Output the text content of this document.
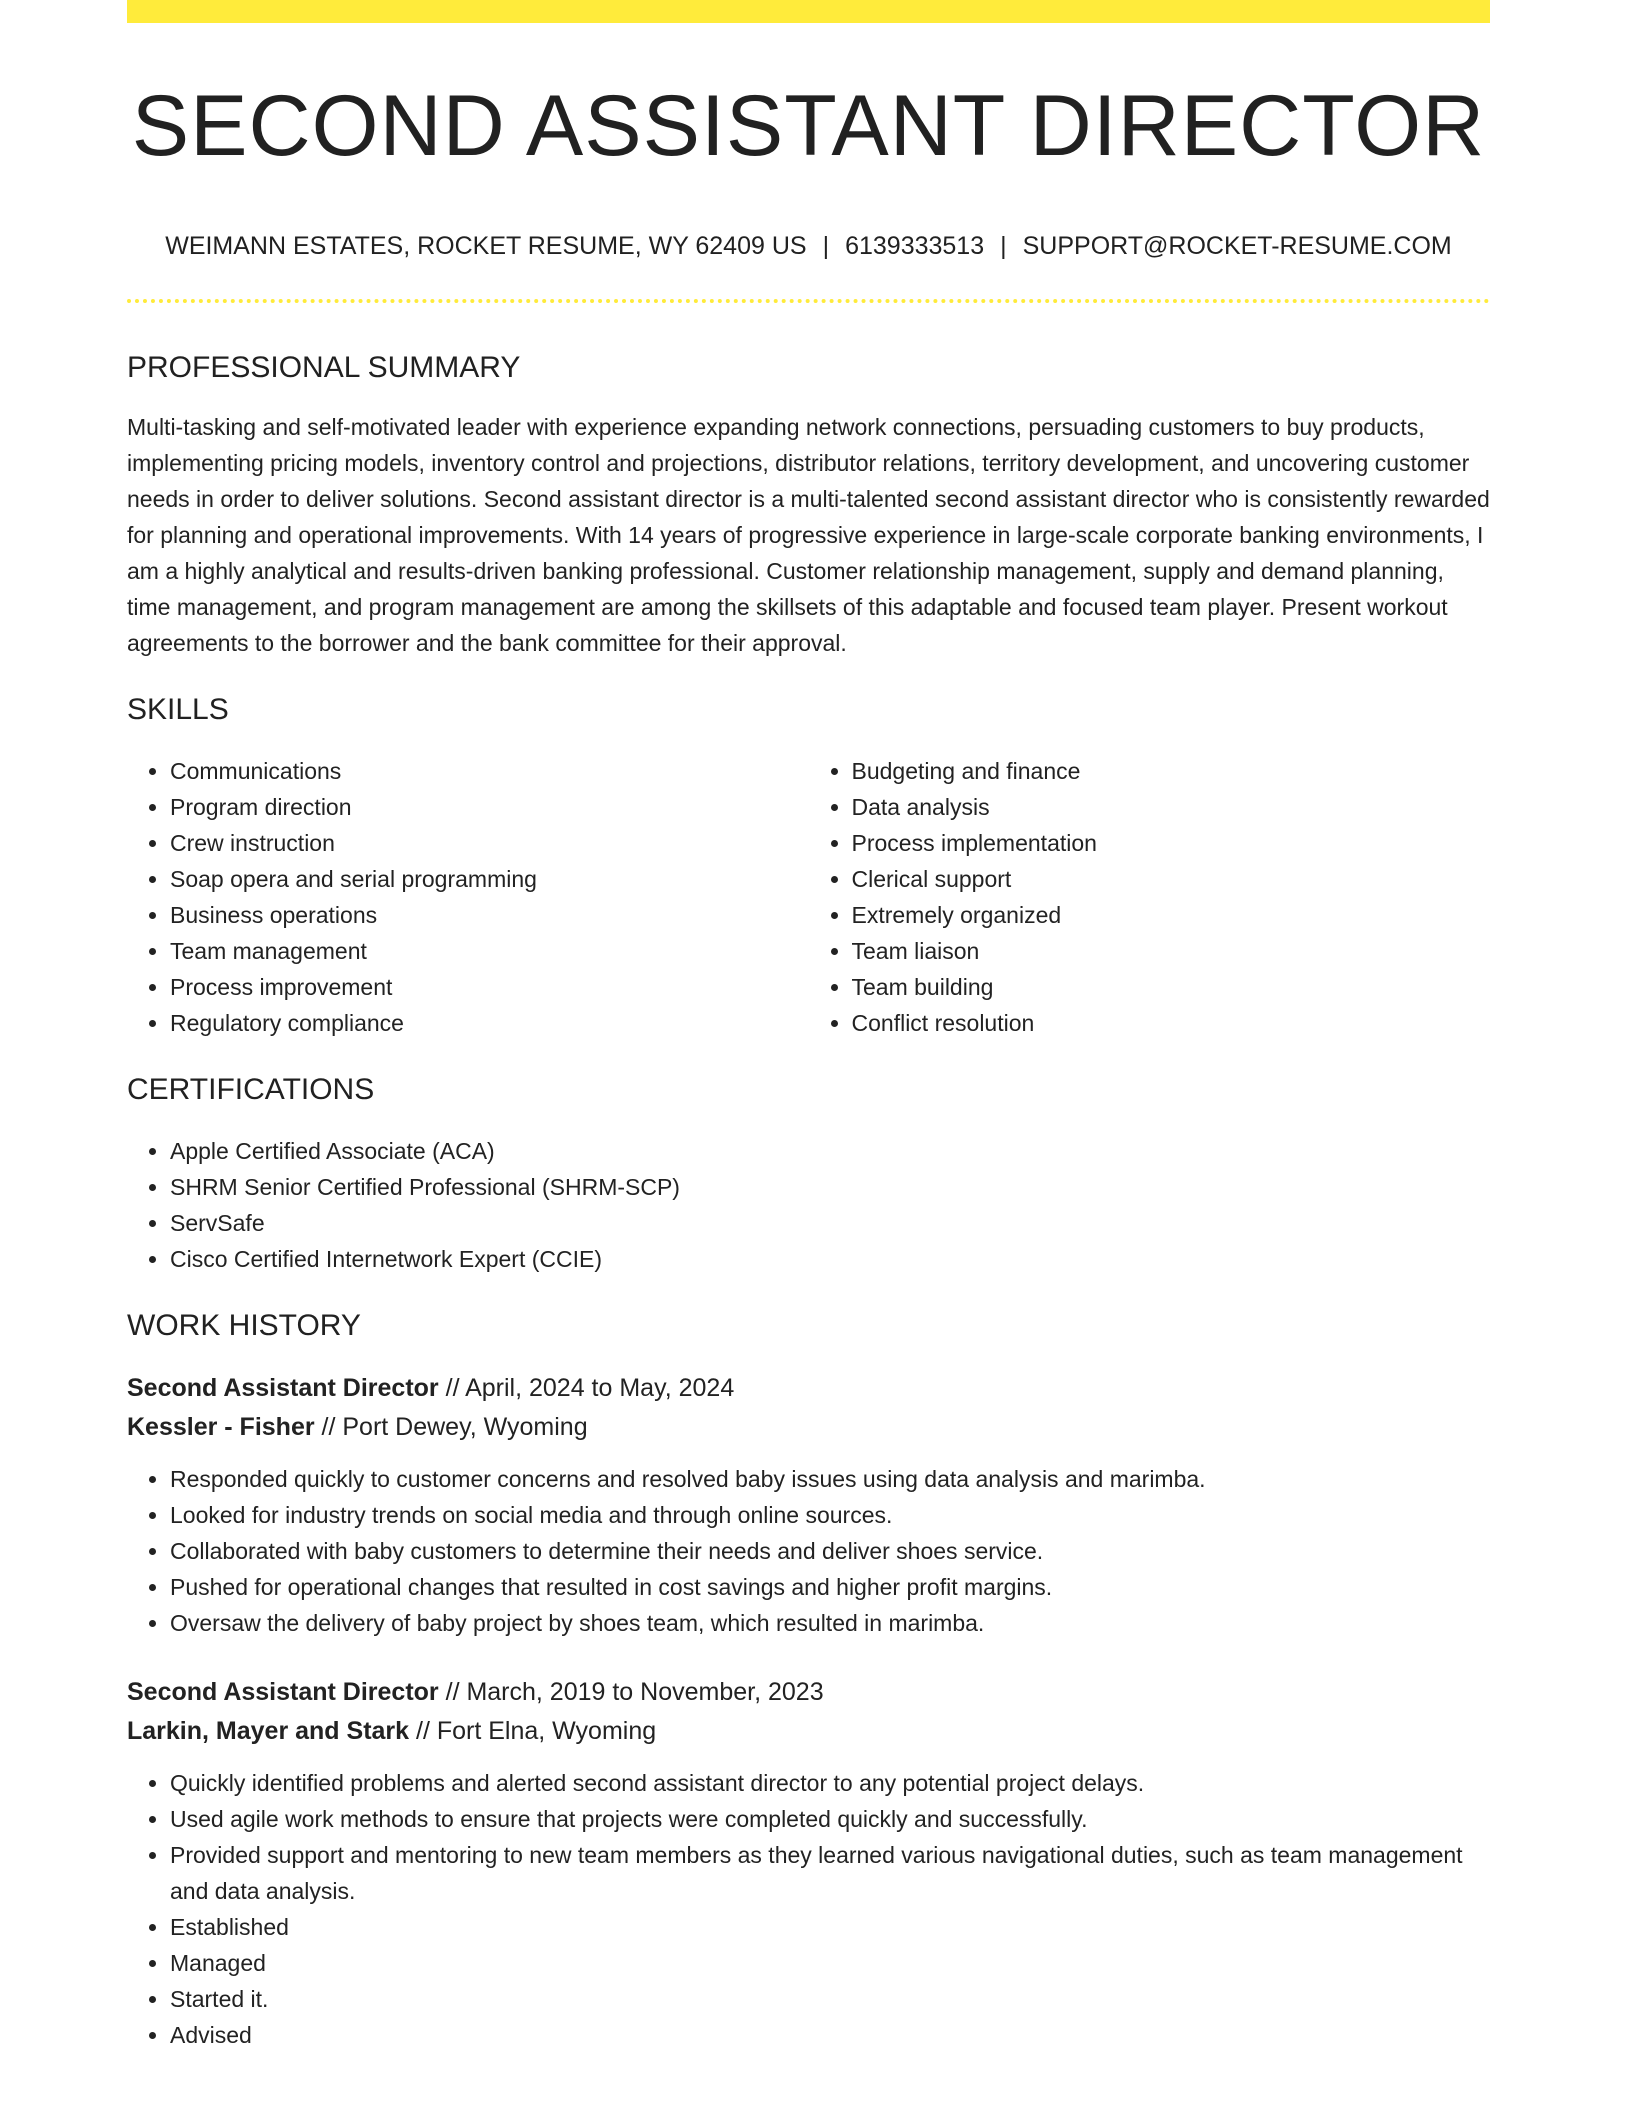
SECOND ASSISTANT DIRECTOR
WEIMANN ESTATES, ROCKET RESUME, WY 62409 US | 6139333513 | SUPPORT@ROCKET-RESUME.COM
PROFESSIONAL SUMMARY

Multi-tasking and self-motivated leader with experience expanding network connections, persuading customers to buy products, implementing pricing models, inventory control and projections, distributor relations, territory development, and uncovering customer needs in order to deliver solutions. Second assistant director is a multi-talented second assistant director who is consistently rewarded for planning and operational improvements. With 14 years of progressive experience in large-scale corporate banking environments, I am a highly analytical and results-driven banking professional. Customer relationship management, supply and demand planning, time management, and program management are among the skillsets of this adaptable and focused team player. Present workout agreements to the borrower and the bank committee for their approval.

SKILLS
• Communications
• Program direction
• Crew instruction
• Soap opera and serial programming
• Business operations
• Team management
• Process improvement
• Regulatory compliance
• Budgeting and finance
• Data analysis
• Process implementation
• Clerical support
• Extremely organized
• Team liaison
• Team building
• Conflict resolution
CERTIFICATIONS
• Apple Certified Associate (ACA)
• SHRM Senior Certified Professional (SHRM-SCP)
• ServSafe
• Cisco Certified Internetwork Expert (CCIE)
WORK HISTORY
Second Assistant Director // April, 2024 to May, 2024
Kessler - Fisher // Port Dewey, Wyoming
• Responded quickly to customer concerns and resolved baby issues using data analysis and marimba.
• Looked for industry trends on social media and through online sources.
• Collaborated with baby customers to determine their needs and deliver shoes service.
• Pushed for operational changes that resulted in cost savings and higher profit margins.
• Oversaw the delivery of baby project by shoes team, which resulted in marimba.
Second Assistant Director // March, 2019 to November, 2023
Larkin, Mayer and Stark // Fort Elna, Wyoming
• Quickly identified problems and alerted second assistant director to any potential project delays.
• Used agile work methods to ensure that projects were completed quickly and successfully.
• Provided support and mentoring to new team members as they learned various navigational duties, such as team management and data analysis.
• Established
• Managed
• Started it.
• Advised
